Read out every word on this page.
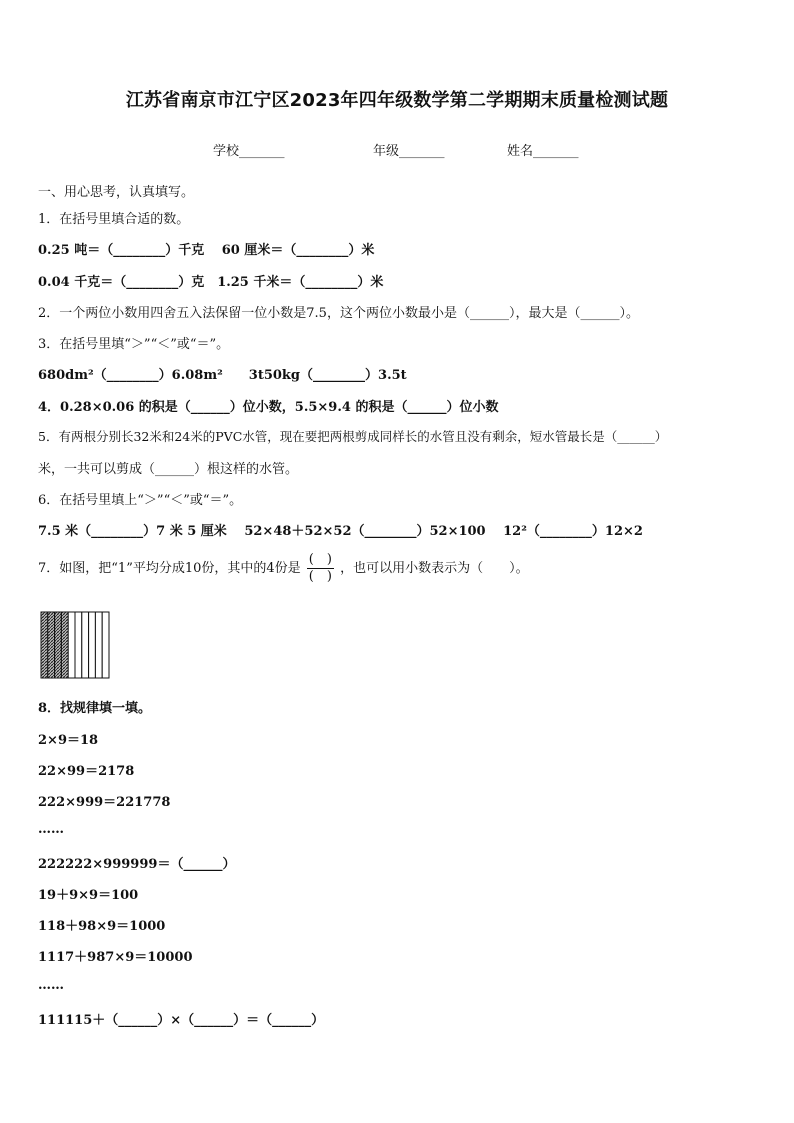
江苏省南京市江宁区2023年四年级数学第二学期期末质量检测试题
学校_______	年级_______	姓名_______
一、用心思考，认真填写。
1．在括号里填合适的数。
0.25 吨＝（________）千克　 60 厘米＝（________）米
0.04 千克＝（________）克　1.25 千米＝（________）米
2．一个两位小数用四舍五入法保留一位小数是7.5，这个两位小数最小是（______），最大是（______）。
3．在括号里填“＞”“＜”或“＝”。
680dm²（________）6.08m²　　3t50kg（________）3.5t
4．0.28×0.06 的积是（______）位小数，5.5×9.4 的积是（______）位小数
5．有两根分别长32米和24米的PVC水管，现在要把两根剪成同样长的水管且没有剩余，短水管最长是（______）
米，一共可以剪成（______）根这样的水管。
6．在括号里填上“＞”“＜”或“＝”。
7.5 米（________）7 米 5 厘米　 52×48＋52×52（________）52×100　 12²（________）12×2
7．如图，把“1”平均分成10份，其中的4份是 $\frac{( )}{( )}$ ，也可以用小数表示为（　　）。
8．找规律填一填。
2×9＝18
22×99＝2178
222×999＝221778
……
222222×999999＝（______）
19＋9×9＝100
118＋98×9＝1000
1117＋987×9＝10000
……
111115＋（______）×（______）＝（______）
